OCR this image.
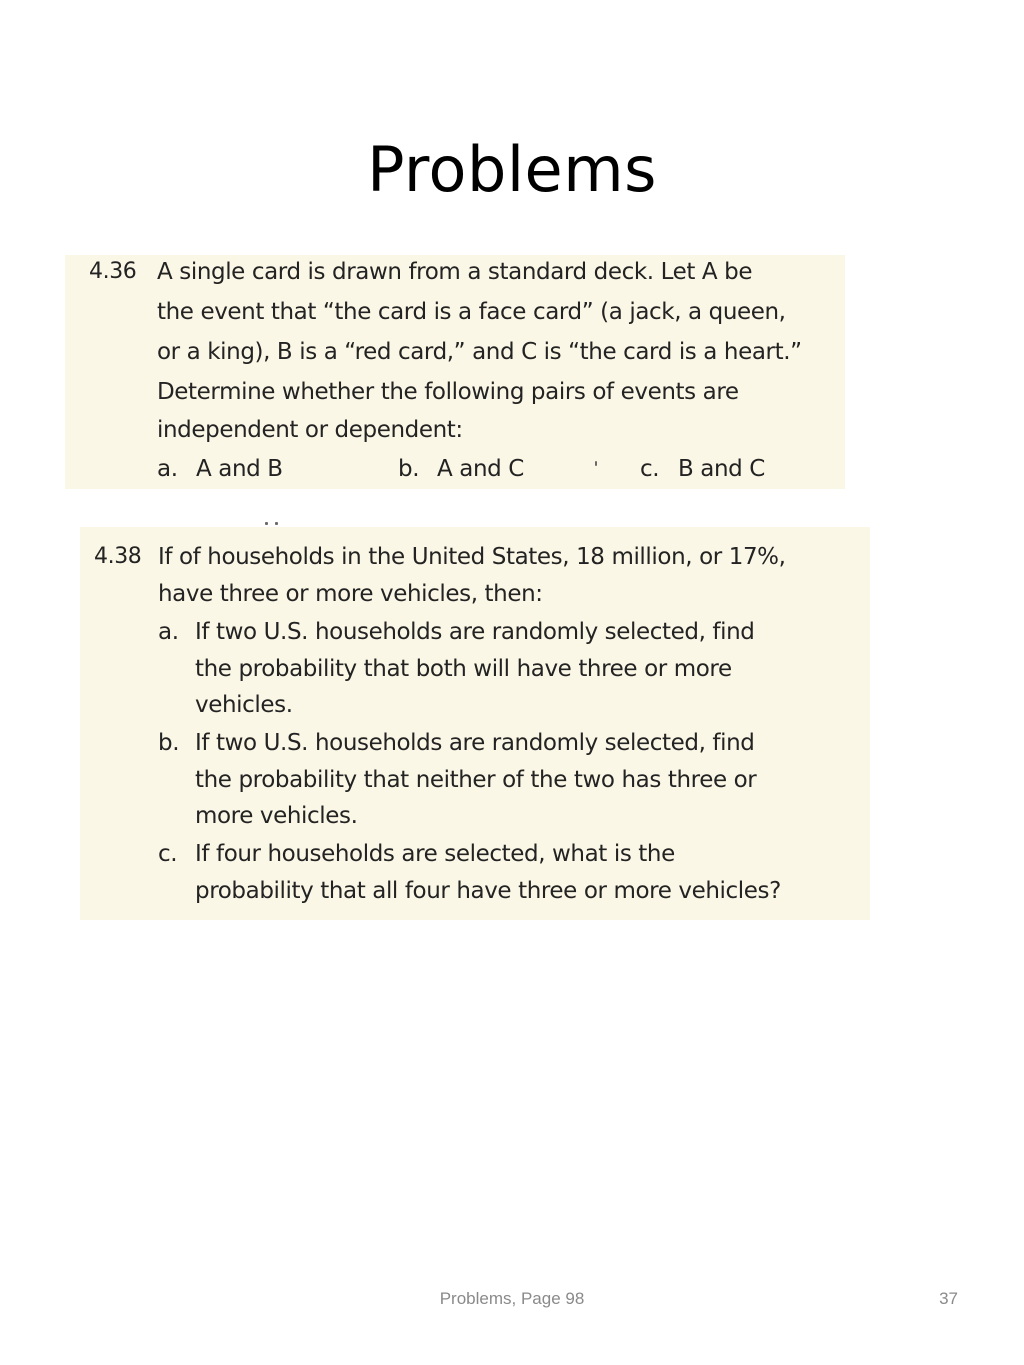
Problems
4.36 A single card is drawn from a standard deck. Let A be
the event that “the card is a face card” (a jack, a queen,
or a king), B is a “red card,” and C is “the card is a heart.”
Determine whether the following pairs of events are
independent or dependent:
a. A and B	b. A and C	c. B and C
4.38 If of households in the United States, 18 million, or 17%,
have three or more vehicles, then:
a. If two U.S. households are randomly selected, find
the probability that both will have three or more
vehicles.
b. If two U.S. households are randomly selected, find
the probability that neither of the two has three or
more vehicles.
c. If four households are selected, what is the
probability that all four have three or more vehicles?
Problems, Page 98	37
